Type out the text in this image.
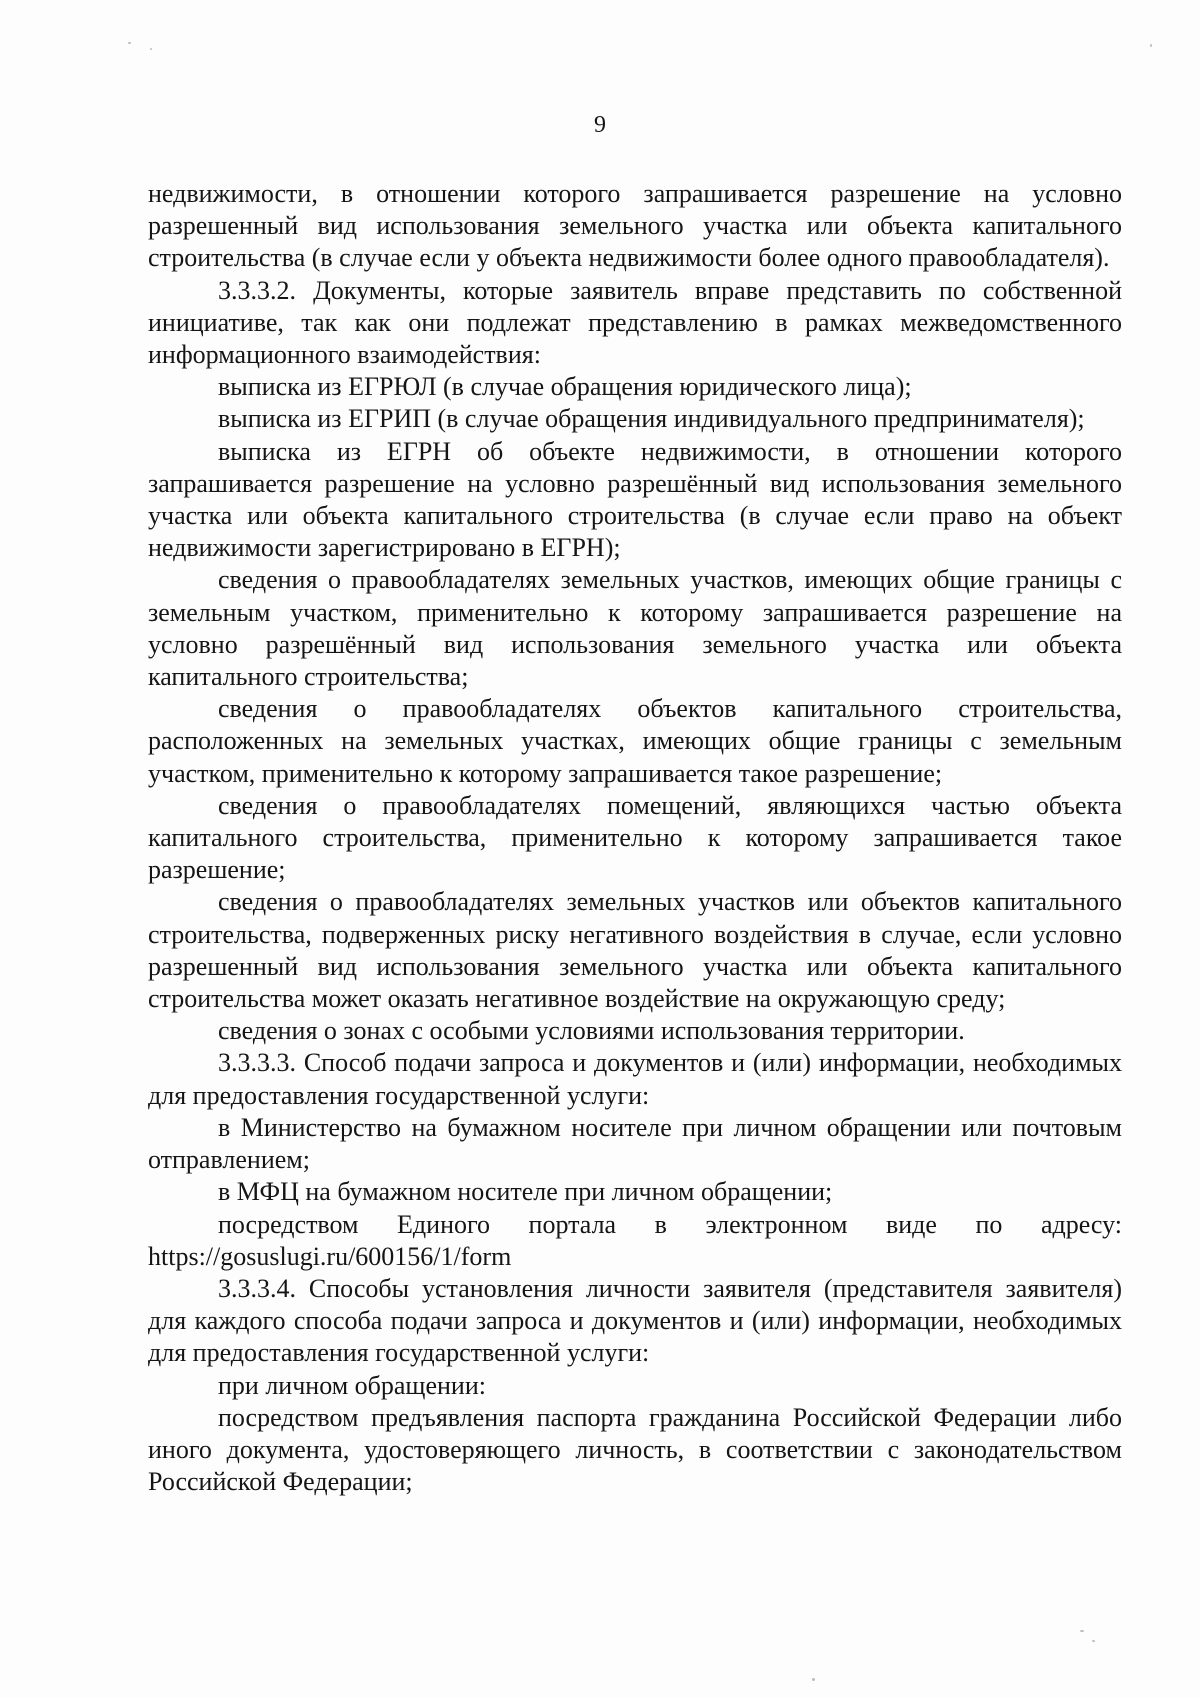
9

недвижимости, в отношении которого запрашивается разрешение на условно разрешенный вид использования земельного участка или объекта капитального строительства (в случае если у объекта недвижимости более одного правообладателя).

3.3.3.2. Документы, которые заявитель вправе представить по собственной инициативе, так как они подлежат представлению в рамках межведомственного информационного взаимодействия:

выписка из ЕГРЮЛ (в случае обращения юридического лица);

выписка из ЕГРИП (в случае обращения индивидуального предпринимателя);

выписка из ЕГРН об объекте недвижимости, в отношении которого запрашивается разрешение на условно разрешённый вид использования земельного участка или объекта капитального строительства (в случае если право на объект недвижимости зарегистрировано в ЕГРН);

сведения о правообладателях земельных участков, имеющих общие границы с земельным участком, применительно к которому запрашивается разрешение на условно разрешённый вид использования земельного участка или объекта капитального строительства;

сведения о правообладателях объектов капитального строительства, расположенных на земельных участках, имеющих общие границы с земельным участком, применительно к которому запрашивается такое разрешение;

сведения о правообладателях помещений, являющихся частью объекта капитального строительства, применительно к которому запрашивается такое разрешение;

сведения о правообладателях земельных участков или объектов капитального строительства, подверженных риску негативного воздействия в случае, если условно разрешенный вид использования земельного участка или объекта капитального строительства может оказать негативное воздействие на окружающую среду;

сведения о зонах с особыми условиями использования территории.

3.3.3.3. Способ подачи запроса и документов и (или) информации, необходимых для предоставления государственной услуги:

в Министерство на бумажном носителе при личном обращении или почтовым отправлением;

в МФЦ на бумажном носителе при личном обращении;

посредством Единого портала в электронном виде по адресу: https://gosuslugi.ru/600156/1/form

3.3.3.4. Способы установления личности заявителя (представителя заявителя) для каждого способа подачи запроса и документов и (или) информации, необходимых для предоставления государственной услуги:

при личном обращении:

посредством предъявления паспорта гражданина Российской Федерации либо иного документа, удостоверяющего личность, в соответствии с законодательством Российской Федерации;
